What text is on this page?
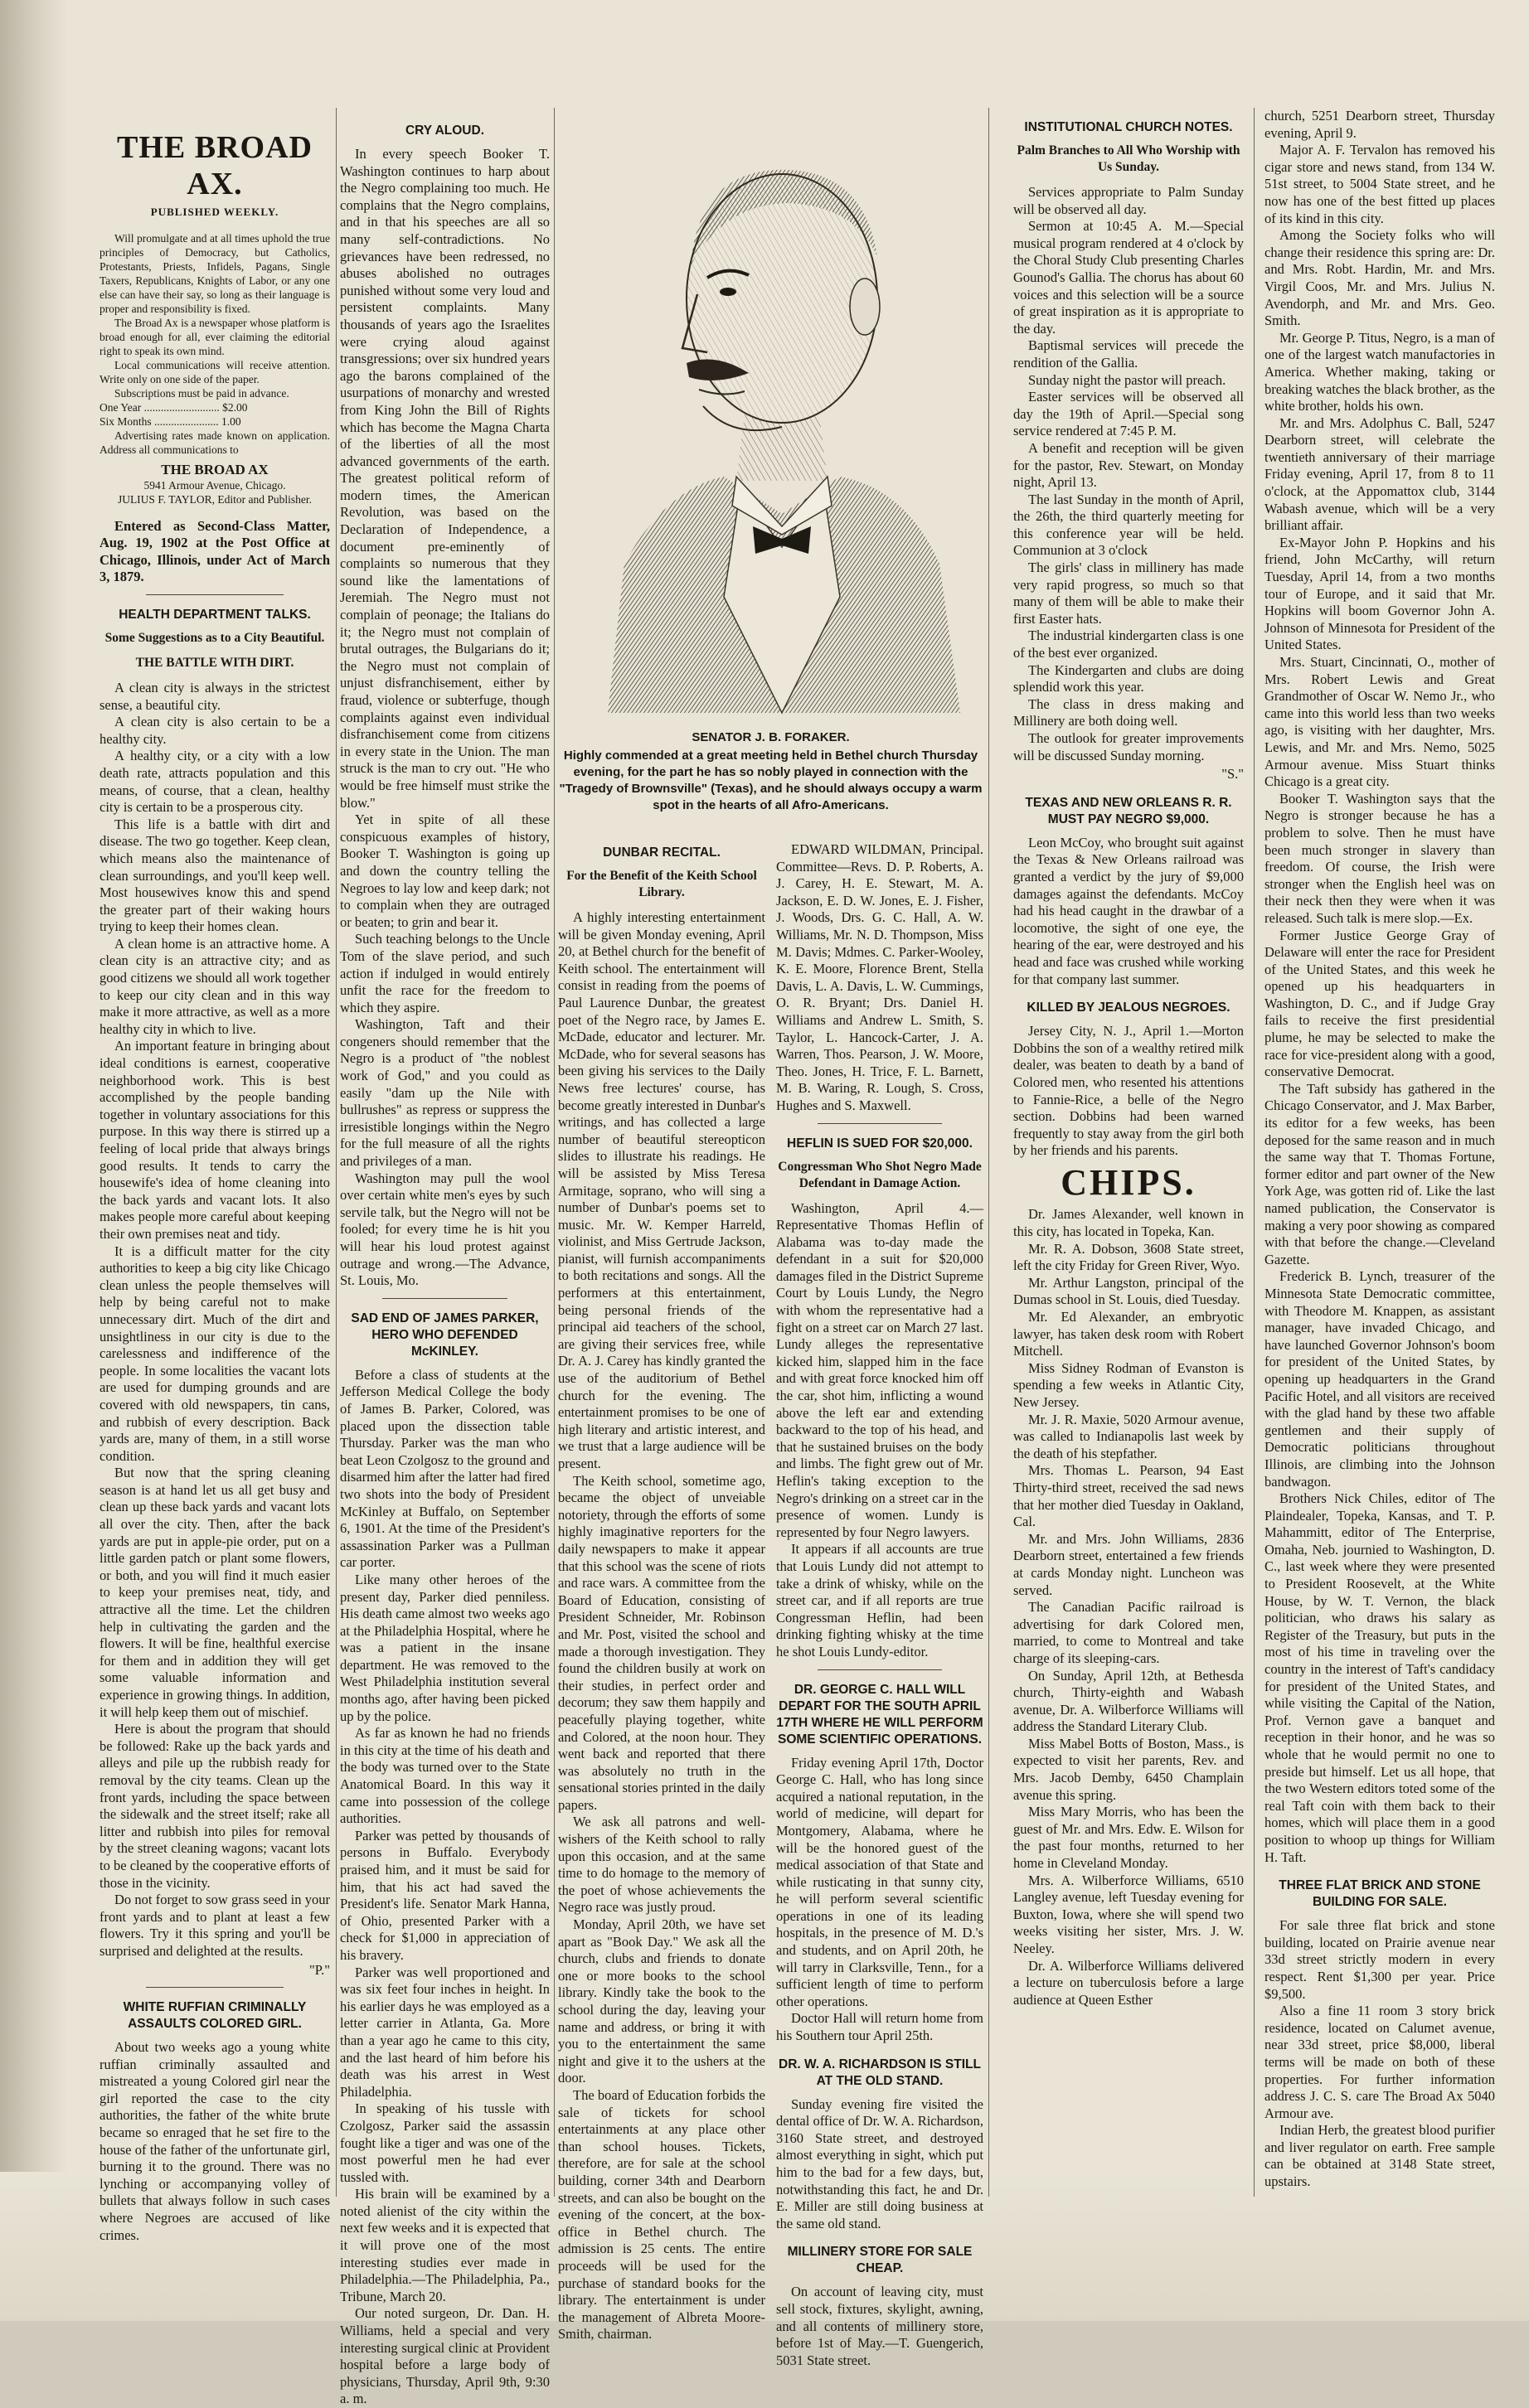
THE BROAD AX.
PUBLISHED WEEKLY.

Will promulgate and at all times uphold the true principles of Democracy, but Catholics, Protestants, Priests, Infidels, Pagans, Single Taxers, Republicans, Knights of Labor, or any one else can have their say, so long as their language is proper and responsibility is fixed.

The Broad Ax is a newspaper whose platform is broad enough for all, ever claiming the editorial right to speak its own mind.

Local communications will receive attention. Write only on one side of the paper.

Subscriptions must be paid in advance.

One Year ........................... $2.00

Six Months ....................... 1.00

Advertising rates made known on application. Address all communications to

THE BROAD AX
5941 Armour Avenue, Chicago.
JULIUS F. TAYLOR, Editor and Publisher.

Entered as Second-Class Matter, Aug. 19, 1902 at the Post Office at Chicago, Illinois, under Act of March 3, 1879.

HEALTH DEPARTMENT TALKS.
Some Suggestions as to a City Beautiful.
THE BATTLE WITH DIRT.

A clean city is always in the strictest sense, a beautiful city.

A clean city is also certain to be a healthy city.

A healthy city, or a city with a low death rate, attracts population and this means, of course, that a clean, healthy city is certain to be a prosperous city.

This life is a battle with dirt and disease. The two go together. Keep clean, which means also the maintenance of clean surroundings, and you'll keep well. Most housewives know this and spend the greater part of their waking hours trying to keep their homes clean.

A clean home is an attractive home. A clean city is an attractive city; and as good citizens we should all work together to keep our city clean and in this way make it more attractive, as well as a more healthy city in which to live.

An important feature in bringing about ideal conditions is earnest, cooperative neighborhood work. This is best accomplished by the people banding together in voluntary associations for this purpose. In this way there is stirred up a feeling of local pride that always brings good results. It tends to carry the housewife's idea of home cleaning into the back yards and vacant lots. It also makes people more careful about keeping their own premises neat and tidy.

It is a difficult matter for the city authorities to keep a big city like Chicago clean unless the people themselves will help by being careful not to make unnecessary dirt. Much of the dirt and unsightliness in our city is due to the carelessness and indifference of the people. In some localities the vacant lots are used for dumping grounds and are covered with old newspapers, tin cans, and rubbish of every description. Back yards are, many of them, in a still worse condition.

But now that the spring cleaning season is at hand let us all get busy and clean up these back yards and vacant lots all over the city. Then, after the back yards are put in apple-pie order, put on a little garden patch or plant some flowers, or both, and you will find it much easier to keep your premises neat, tidy, and attractive all the time. Let the children help in cultivating the garden and the flowers. It will be fine, healthful exercise for them and in addition they will get some valuable information and experience in growing things. In addition, it will help keep them out of mischief.

Here is about the program that should be followed: Rake up the back yards and alleys and pile up the rubbish ready for removal by the city teams. Clean up the front yards, including the space between the sidewalk and the street itself; rake all litter and rubbish into piles for removal by the street cleaning wagons; vacant lots to be cleaned by the cooperative efforts of those in the vicinity.

Do not forget to sow grass seed in your front yards and to plant at least a few flowers. Try it this spring and you'll be surprised and delighted at the results.

"P."
WHITE RUFFIAN CRIMINALLY ASSAULTS COLORED GIRL.

About two weeks ago a young white ruffian criminally assaulted and mistreated a young Colored girl near the girl reported the case to the city authorities, the father of the white brute became so enraged that he set fire to the house of the father of the unfortunate girl, burning it to the ground. There was no lynching or accompanying volley of bullets that always follow in such cases where Negroes are accused of like crimes.

CRY ALOUD.

In every speech Booker T. Washington continues to harp about the Negro complaining too much. He complains that the Negro complains, and in that his speeches are all so many self-contradictions. No grievances have been redressed, no abuses abolished no outrages punished without some very loud and persistent complaints. Many thousands of years ago the Israelites were crying aloud against transgressions; over six hundred years ago the barons complained of the usurpations of monarchy and wrested from King John the Bill of Rights which has become the Magna Charta of the liberties of all the most advanced governments of the earth. The greatest political reform of modern times, the American Revolution, was based on the Declaration of Independence, a document pre-eminently of complaints so numerous that they sound like the lamentations of Jeremiah. The Negro must not complain of peonage; the Italians do it; the Negro must not complain of brutal outrages, the Bulgarians do it; the Negro must not complain of unjust disfranchisement, either by fraud, violence or subterfuge, though complaints against even individual disfranchisement come from citizens in every state in the Union. The man struck is the man to cry out. "He who would be free himself must strike the blow."

Yet in spite of all these conspicuous examples of history, Booker T. Washington is going up and down the country telling the Negroes to lay low and keep dark; not to complain when they are outraged or beaten; to grin and bear it.

Such teaching belongs to the Uncle Tom of the slave period, and such action if indulged in would entirely unfit the race for the freedom to which they aspire.

Washington, Taft and their congeners should remember that the Negro is a product of "the noblest work of God," and you could as easily "dam up the Nile with bullrushes" as repress or suppress the irresistible longings within the Negro for the full measure of all the rights and privileges of a man.

Washington may pull the wool over certain white men's eyes by such servile talk, but the Negro will not be fooled; for every time he is hit you will hear his loud protest against outrage and wrong.—The Advance, St. Louis, Mo.

SAD END OF JAMES PARKER, HERO WHO DEFENDED McKINLEY.

Before a class of students at the Jefferson Medical College the body of James B. Parker, Colored, was placed upon the dissection table Thursday. Parker was the man who beat Leon Czolgosz to the ground and disarmed him after the latter had fired two shots into the body of President McKinley at Buffalo, on September 6, 1901. At the time of the President's assassination Parker was a Pullman car porter.

Like many other heroes of the present day, Parker died penniless. His death came almost two weeks ago at the Philadelphia Hospital, where he was a patient in the insane department. He was removed to the West Philadelphia institution several months ago, after having been picked up by the police.

As far as known he had no friends in this city at the time of his death and the body was turned over to the State Anatomical Board. In this way it came into possession of the college authorities.

Parker was petted by thousands of persons in Buffalo. Everybody praised him, and it must be said for him, that his act had saved the President's life. Senator Mark Hanna, of Ohio, presented Parker with a check for $1,000 in appreciation of his bravery.

Parker was well proportioned and was six feet four inches in height. In his earlier days he was employed as a letter carrier in Atlanta, Ga. More than a year ago he came to this city, and the last heard of him before his death was his arrest in West Philadelphia.

In speaking of his tussle with Czolgosz, Parker said the assassin fought like a tiger and was one of the most powerful men he had ever tussled with.

His brain will be examined by a noted alienist of the city within the next few weeks and it is expected that it will prove one of the most interesting studies ever made in Philadelphia.—The Philadelphia, Pa., Tribune, March 20.

Our noted surgeon, Dr. Dan. H. Williams, held a special and very interesting surgical clinic at Provident hospital before a large body of physicians, Thursday, April 9th, 9:30 a. m.

SENATOR J. B. FORAKER.
Highly commended at a great meeting held in Bethel church Thursday evening, for the part he has so nobly played in connection with the "Tragedy of Brownsville" (Texas), and he should always occupy a warm spot in the hearts of all Afro-Americans.
DUNBAR RECITAL.
For the Benefit of the Keith School Library.

A highly interesting entertainment will be given Monday evening, April 20, at Bethel church for the benefit of Keith school. The entertainment will consist in reading from the poems of Paul Laurence Dunbar, the greatest poet of the Negro race, by James E. McDade, educator and lecturer. Mr. McDade, who for several seasons has been giving his services to the Daily News free lectures' course, has become greatly interested in Dunbar's writings, and has collected a large number of beautiful stereopticon slides to illustrate his readings. He will be assisted by Miss Teresa Armitage, soprano, who will sing a number of Dunbar's poems set to music. Mr. W. Kemper Harreld, violinist, and Miss Gertrude Jackson, pianist, will furnish accompaniments to both recitations and songs. All the performers at this entertainment, being personal friends of the principal aid teachers of the school, are giving their services free, while Dr. A. J. Carey has kindly granted the use of the auditorium of Bethel church for the evening. The entertainment promises to be one of high literary and artistic interest, and we trust that a large audience will be present.

The Keith school, sometime ago, became the object of unveiable notoriety, through the efforts of some highly imaginative reporters for the daily newspapers to make it appear that this school was the scene of riots and race wars. A committee from the Board of Education, consisting of President Schneider, Mr. Robinson and Mr. Post, visited the school and made a thorough investigation. They found the children busily at work on their studies, in perfect order and decorum; they saw them happily and peacefully playing together, white and Colored, at the noon hour. They went back and reported that there was absolutely no truth in the sensational stories printed in the daily papers.

We ask all patrons and well-wishers of the Keith school to rally upon this occasion, and at the same time to do homage to the memory of the poet of whose achievements the Negro race was justly proud.

Monday, April 20th, we have set apart as "Book Day." We ask all the church, clubs and friends to donate one or more books to the school library. Kindly take the book to the school during the day, leaving your name and address, or bring it with you to the entertainment the same night and give it to the ushers at the door.

The board of Education forbids the sale of tickets for school entertainments at any place other than school houses. Tickets, therefore, are for sale at the school building, corner 34th and Dearborn streets, and can also be bought on the evening of the concert, at the box-office in Bethel church. The admission is 25 cents. The entire proceeds will be used for the purchase of standard books for the library. The entertainment is under the management of Albreta Moore-Smith, chairman.

EDWARD WILDMAN, Principal. Committee—Revs. D. P. Roberts, A. J. Carey, H. E. Stewart, M. A. Jackson, E. D. W. Jones, E. J. Fisher, J. Woods, Drs. G. C. Hall, A. W. Williams, Mr. N. D. Thompson, Miss M. Davis; Mdmes. C. Parker-Wooley, K. E. Moore, Florence Brent, Stella Davis, L. A. Davis, L. W. Cummings, O. R. Bryant; Drs. Daniel H. Williams and Andrew L. Smith, S. Taylor, L. Hancock-Carter, J. A. Warren, Thos. Pearson, J. W. Moore, Theo. Jones, H. Trice, F. L. Barnett, M. B. Waring, R. Lough, S. Cross, Hughes and S. Maxwell.

HEFLIN IS SUED FOR $20,000.
Congressman Who Shot Negro Made Defendant in Damage Action.

Washington, April 4.—Representative Thomas Heflin of Alabama was to-day made the defendant in a suit for $20,000 damages filed in the District Supreme Court by Louis Lundy, the Negro with whom the representative had a fight on a street car on March 27 last. Lundy alleges the representative kicked him, slapped him in the face and with great force knocked him off the car, shot him, inflicting a wound above the left ear and extending backward to the top of his head, and that he sustained bruises on the body and limbs. The fight grew out of Mr. Heflin's taking exception to the Negro's drinking on a street car in the presence of women. Lundy is represented by four Negro lawyers.

It appears if all accounts are true that Louis Lundy did not attempt to take a drink of whisky, while on the street car, and if all reports are true Congressman Heflin, had been drinking fighting whisky at the time he shot Louis Lundy-editor.

DR. GEORGE C. HALL WILL DEPART FOR THE SOUTH APRIL 17TH WHERE HE WILL PERFORM SOME SCIENTIFIC OPERATIONS.

Friday evening April 17th, Doctor George C. Hall, who has long since acquired a national reputation, in the world of medicine, will depart for Montgomery, Alabama, where he will be the honored guest of the medical association of that State and while rusticating in that sunny city, he will perform several scientific operations in one of its leading hospitals, in the presence of M. D.'s and students, and on April 20th, he will tarry in Clarksville, Tenn., for a sufficient length of time to perform other operations.

Doctor Hall will return home from his Southern tour April 25th.

DR. W. A. RICHARDSON IS STILL AT THE OLD STAND.

Sunday evening fire visited the dental office of Dr. W. A. Richardson, 3160 State street, and destroyed almost everything in sight, which put him to the bad for a few days, but, notwithstanding this fact, he and Dr. E. Miller are still doing business at the same old stand.

MILLINERY STORE FOR SALE CHEAP.

On account of leaving city, must sell stock, fixtures, skylight, awning, and all contents of millinery store, before 1st of May.—T. Guengerich, 5031 State street.

INSTITUTIONAL CHURCH NOTES.
Palm Branches to All Who Worship with Us Sunday.

Services appropriate to Palm Sunday will be observed all day.

Sermon at 10:45 A. M.—Special musical program rendered at 4 o'clock by the Choral Study Club presenting Charles Gounod's Gallia. The chorus has about 60 voices and this selection will be a source of great inspiration as it is appropriate to the day.

Baptismal services will precede the rendition of the Gallia.

Sunday night the pastor will preach.

Easter services will be observed all day the 19th of April.—Special song service rendered at 7:45 P. M.

A benefit and reception will be given for the pastor, Rev. Stewart, on Monday night, April 13.

The last Sunday in the month of April, the 26th, the third quarterly meeting for this conference year will be held. Communion at 3 o'clock

The girls' class in millinery has made very rapid progress, so much so that many of them will be able to make their first Easter hats.

The industrial kindergarten class is one of the best ever organized.

The Kindergarten and clubs are doing splendid work this year.

The class in dress making and Millinery are both doing well.

The outlook for greater improvements will be discussed Sunday morning.

"S."
TEXAS AND NEW ORLEANS R. R. MUST PAY NEGRO $9,000.

Leon McCoy, who brought suit against the Texas & New Orleans railroad was granted a verdict by the jury of $9,000 damages against the defendants. McCoy had his head caught in the drawbar of a locomotive, the sight of one eye, the hearing of the ear, were destroyed and his head and face was crushed while working for that company last summer.

KILLED BY JEALOUS NEGROES.

Jersey City, N. J., April 1.—Morton Dobbins the son of a wealthy retired milk dealer, was beaten to death by a band of Colored men, who resented his attentions to Fannie-Rice, a belle of the Negro section. Dobbins had been warned frequently to stay away from the girl both by her friends and his parents.

CHIPS.

Dr. James Alexander, well known in this city, has located in Topeka, Kan.

Mr. R. A. Dobson, 3608 State street, left the city Friday for Green River, Wyo.

Mr. Arthur Langston, principal of the Dumas school in St. Louis, died Tuesday.

Mr. Ed Alexander, an embryotic lawyer, has taken desk room with Robert Mitchell.

Miss Sidney Rodman of Evanston is spending a few weeks in Atlantic City, New Jersey.

Mr. J. R. Maxie, 5020 Armour avenue, was called to Indianapolis last week by the death of his stepfather.

Mrs. Thomas L. Pearson, 94 East Thirty-third street, received the sad news that her mother died Tuesday in Oakland, Cal.

Mr. and Mrs. John Williams, 2836 Dearborn street, entertained a few friends at cards Monday night. Luncheon was served.

The Canadian Pacific railroad is advertising for dark Colored men, married, to come to Montreal and take charge of its sleeping-cars.

On Sunday, April 12th, at Bethesda church, Thirty-eighth and Wabash avenue, Dr. A. Wilberforce Williams will address the Standard Literary Club.

Miss Mabel Botts of Boston, Mass., is expected to visit her parents, Rev. and Mrs. Jacob Demby, 6450 Champlain avenue this spring.

Miss Mary Morris, who has been the guest of Mr. and Mrs. Edw. E. Wilson for the past four months, returned to her home in Cleveland Monday.

Mrs. A. Wilberforce Williams, 6510 Langley avenue, left Tuesday evening for Buxton, Iowa, where she will spend two weeks visiting her sister, Mrs. J. W. Neeley.

Dr. A. Wilberforce Williams delivered a lecture on tuberculosis before a large audience at Queen Esther

church, 5251 Dearborn street, Thursday evening, April 9.

Major A. F. Tervalon has removed his cigar store and news stand, from 134 W. 51st street, to 5004 State street, and he now has one of the best fitted up places of its kind in this city.

Among the Society folks who will change their residence this spring are: Dr. and Mrs. Robt. Hardin, Mr. and Mrs. Virgil Coos, Mr. and Mrs. Julius N. Avendorph, and Mr. and Mrs. Geo. Smith.

Mr. George P. Titus, Negro, is a man of one of the largest watch manufactories in America. Whether making, taking or breaking watches the black brother, as the white brother, holds his own.

Mr. and Mrs. Adolphus C. Ball, 5247 Dearborn street, will celebrate the twentieth anniversary of their marriage Friday evening, April 17, from 8 to 11 o'clock, at the Appomattox club, 3144 Wabash avenue, which will be a very brilliant affair.

Ex-Mayor John P. Hopkins and his friend, John McCarthy, will return Tuesday, April 14, from a two months tour of Europe, and it said that Mr. Hopkins will boom Governor John A. Johnson of Minnesota for President of the United States.

Mrs. Stuart, Cincinnati, O., mother of Mrs. Robert Lewis and Great Grandmother of Oscar W. Nemo Jr., who came into this world less than two weeks ago, is visiting with her daughter, Mrs. Lewis, and Mr. and Mrs. Nemo, 5025 Armour avenue. Miss Stuart thinks Chicago is a great city.

Booker T. Washington says that the Negro is stronger because he has a problem to solve. Then he must have been much stronger in slavery than freedom. Of course, the Irish were stronger when the English heel was on their neck then they were when it was released. Such talk is mere slop.—Ex.

Former Justice George Gray of Delaware will enter the race for President of the United States, and this week he opened up his headquarters in Washington, D. C., and if Judge Gray fails to receive the first presidential plume, he may be selected to make the race for vice-president along with a good, conservative Democrat.

The Taft subsidy has gathered in the Chicago Conservator, and J. Max Barber, its editor for a few weeks, has been deposed for the same reason and in much the same way that T. Thomas Fortune, former editor and part owner of the New York Age, was gotten rid of. Like the last named publication, the Conservator is making a very poor showing as compared with that before the change.—Cleveland Gazette.

Frederick B. Lynch, treasurer of the Minnesota State Democratic committee, with Theodore M. Knappen, as assistant manager, have invaded Chicago, and have launched Governor Johnson's boom for president of the United States, by opening up headquarters in the Grand Pacific Hotel, and all visitors are received with the glad hand by these two affable gentlemen and their supply of Democratic politicians throughout Illinois, are climbing into the Johnson bandwagon.

Brothers Nick Chiles, editor of The Plaindealer, Topeka, Kansas, and T. P. Mahammitt, editor of The Enterprise, Omaha, Neb. journied to Washington, D. C., last week where they were presented to President Roosevelt, at the White House, by W. T. Vernon, the black politician, who draws his salary as Register of the Treasury, but puts in the most of his time in traveling over the country in the interest of Taft's candidacy for president of the United States, and while visiting the Capital of the Nation, Prof. Vernon gave a banquet and reception in their honor, and he was so whole that he would permit no one to preside but himself. Let us all hope, that the two Western editors toted some of the real Taft coin with them back to their homes, which will place them in a good position to whoop up things for William H. Taft.

THREE FLAT BRICK AND STONE BUILDING FOR SALE.

For sale three flat brick and stone building, located on Prairie avenue near 33d street strictly modern in every respect. Rent $1,300 per year. Price $9,500.

Also a fine 11 room 3 story brick residence, located on Calumet avenue, near 33d street, price $8,000, liberal terms will be made on both of these properties. For further information address J. C. S. care The Broad Ax 5040 Armour ave.

Indian Herb, the greatest blood purifier and liver regulator on earth. Free sample can be obtained at 3148 State street, upstairs.
